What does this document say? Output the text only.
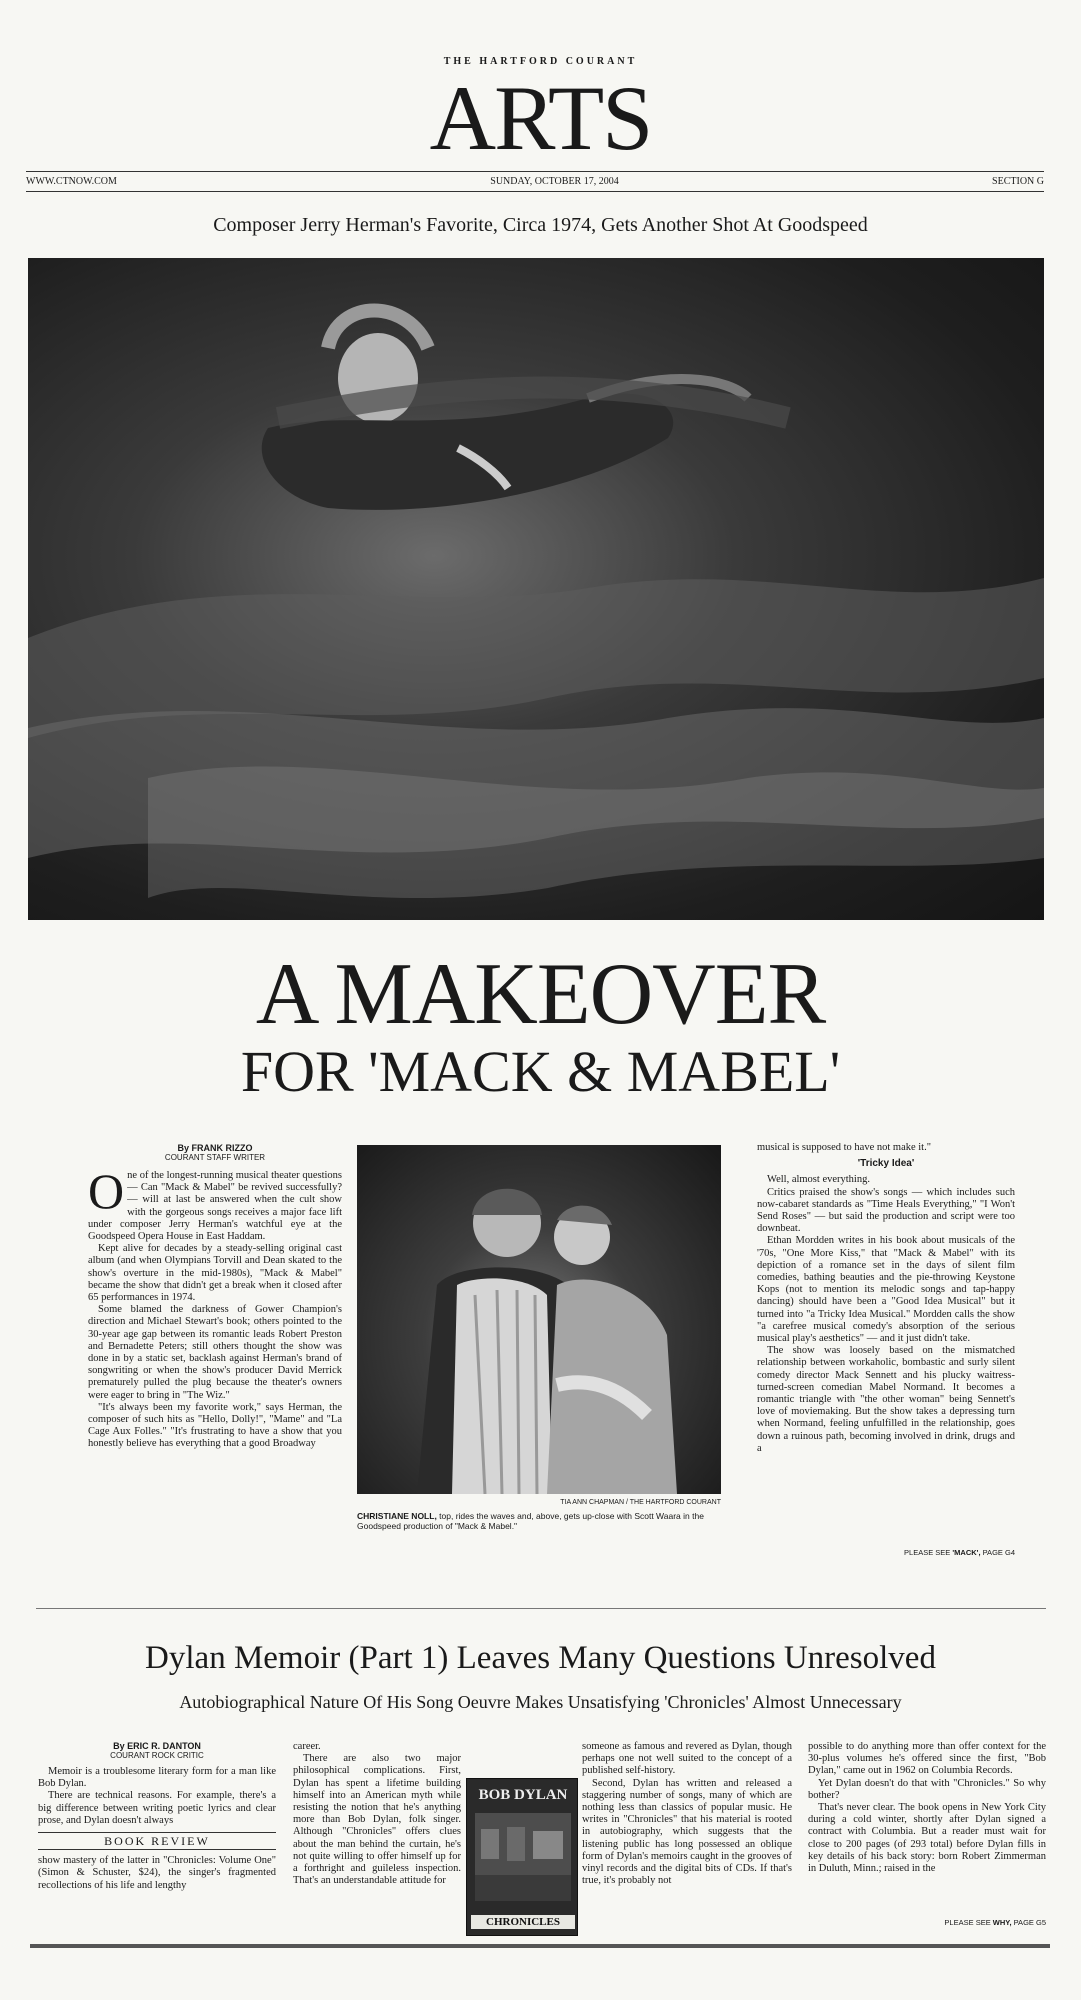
THE HARTFORD COURANT
ARTS
WWW.CTNOW.COM	SUNDAY, OCTOBER 17, 2004	SECTION G
Composer Jerry Herman's Favorite, Circa 1974, Gets Another Shot At Goodspeed
A MAKEOVER
FOR 'MACK & MABEL'
By FRANK RIZZO
COURANT STAFF WRITER

One of the longest-running musical theater questions — Can "Mack & Mabel" be revived successfully? — will at last be answered when the cult show with the gorgeous songs receives a major face lift under composer Jerry Herman's watchful eye at the Goodspeed Opera House in East Haddam.

Kept alive for decades by a steady-selling original cast album (and when Olympians Torvill and Dean skated to the show's overture in the mid-1980s), "Mack & Mabel" became the show that didn't get a break when it closed after 65 performances in 1974.

Some blamed the darkness of Gower Champion's direction and Michael Stewart's book; others pointed to the 30-year age gap between its romantic leads Robert Preston and Bernadette Peters; still others thought the show was done in by a static set, backlash against Herman's brand of songwriting or when the show's producer David Merrick prematurely pulled the plug because the theater's owners were eager to bring in "The Wiz."

"It's always been my favorite work," says Herman, the composer of such hits as "Hello, Dolly!", "Mame" and "La Cage Aux Folles." "It's frustrating to have a show that you honestly believe has everything that a good Broadway

TIA ANN CHAPMAN / THE HARTFORD COURANT
CHRISTIANE NOLL, top, rides the waves and, above, gets up-close with Scott Waara in the Goodspeed production of "Mack & Mabel."

musical is supposed to have not make it."

'Tricky Idea'

Well, almost everything.

Critics praised the show's songs — which includes such now-cabaret standards as "Time Heals Everything," "I Won't Send Roses" — but said the production and script were too downbeat.

Ethan Mordden writes in his book about musicals of the '70s, "One More Kiss," that "Mack & Mabel" with its depiction of a romance set in the days of silent film comedies, bathing beauties and the pie-throwing Keystone Kops (not to mention its melodic songs and tap-happy dancing) should have been a "Good Idea Musical" but it turned into "a Tricky Idea Musical." Mordden calls the show "a carefree musical comedy's absorption of the serious musical play's aesthetics" — and it just didn't take.

The show was loosely based on the mismatched relationship between workaholic, bombastic and surly silent comedy director Mack Sennett and his plucky waitress-turned-screen comedian Mabel Normand. It becomes a romantic triangle with "the other woman" being Sennett's love of moviemaking. But the show takes a depressing turn when Normand, feeling unfulfilled in the relationship, goes down a ruinous path, becoming involved in drink, drugs and a

PLEASE SEE 'MACK', PAGE G4
Dylan Memoir (Part 1) Leaves Many Questions Unresolved
Autobiographical Nature Of His Song Oeuvre Makes Unsatisfying 'Chronicles' Almost Unnecessary
By ERIC R. DANTON
COURANT ROCK CRITIC

Memoir is a troublesome literary form for a man like Bob Dylan.

There are technical reasons. For example, there's a big difference between writing poetic lyrics and clear prose, and Dylan doesn't always

BOOK REVIEW

show mastery of the latter in "Chronicles: Volume One" (Simon & Schuster, $24), the singer's fragmented recollections of his life and lengthy

career.

There are also two major philosophical complications. First, Dylan has spent a lifetime building himself into an American myth while resisting the notion that he's anything more than Bob Dylan, folk singer. Although "Chronicles" offers clues about the man behind the curtain, he's not quite willing to offer himself up for a forthright and guileless inspection. That's an understandable attitude for

BOB DYLAN
CHRONICLES

someone as famous and revered as Dylan, though perhaps one not well suited to the concept of a published self-history.

Second, Dylan has written and released a staggering number of songs, many of which are nothing less than classics of popular music. He writes in "Chronicles" that his material is rooted in autobiography, which suggests that the listening public has long possessed an oblique form of Dylan's memoirs caught in the grooves of vinyl records and the digital bits of CDs. If that's true, it's probably not

possible to do anything more than offer context for the 30-plus volumes he's offered since the first, "Bob Dylan," came out in 1962 on Columbia Records.

Yet Dylan doesn't do that with "Chronicles." So why bother?

That's never clear. The book opens in New York City during a cold winter, shortly after Dylan signed a contract with Columbia. But a reader must wait for close to 200 pages (of 293 total) before Dylan fills in key details of his back story: born Robert Zimmerman in Duluth, Minn.; raised in the

PLEASE SEE WHY, PAGE G5
